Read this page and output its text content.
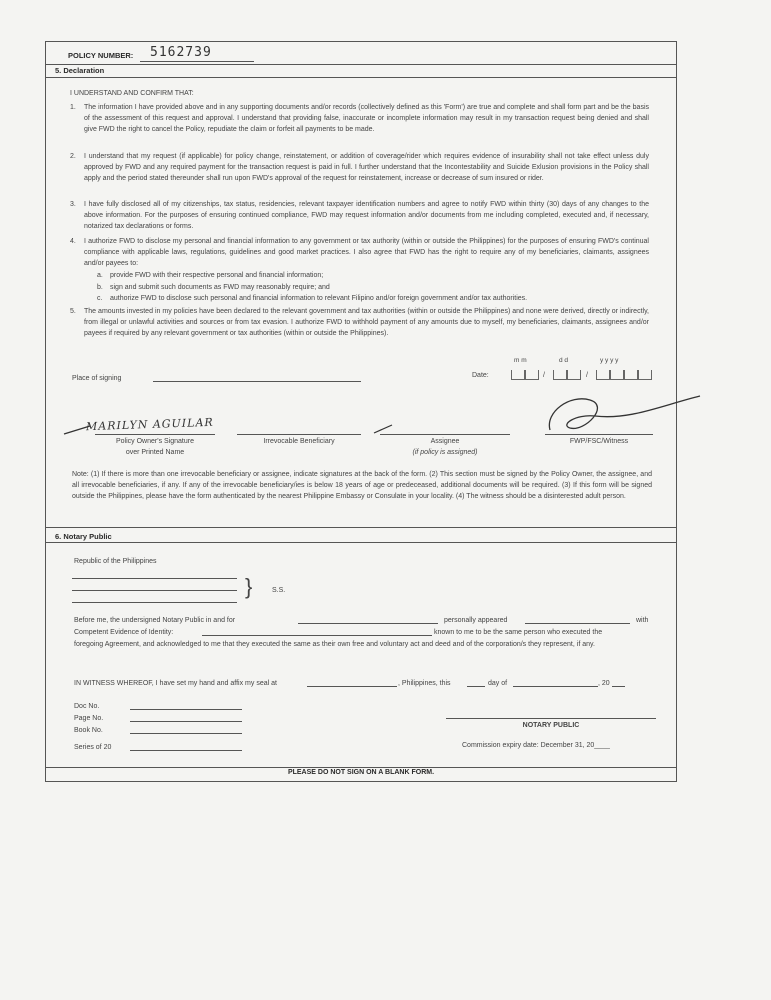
POLICY NUMBER: 5162739
5. Declaration
I UNDERSTAND AND CONFIRM THAT:
1. The information I have provided above and in any supporting documents and/or records (collectively defined as this 'Form') are true and complete and shall form part and be the basis of the assessment of this request and approval. I understand that providing false, inaccurate or incomplete information may result in my transaction request being denied and shall give FWD the right to cancel the Policy, repudiate the claim or forfeit all payments to be made.
2. I understand that my request (if applicable) for policy change, reinstatement, or addition of coverage/rider which requires evidence of insurability shall not take effect unless duly approved by FWD and any required payment for the transaction request is paid in full. I further understand that the Incontestability and Suicide Exlusion provisions in the Policy shall apply and the period stated thereunder shall run upon FWD's approval of the request for reinstatement, increase or decrease of sum insured or rider.
3. I have fully disclosed all of my citizenships, tax status, residencies, relevant taxpayer identification numbers and agree to notify FWD within thirty (30) days of any changes to the above information. For the purposes of ensuring continued compliance, FWD may request information and/or documents from me including completed, executed and, if necessary, notarized tax declarations or forms.
4. I authorize FWD to disclose my personal and financial information to any government or tax authority (within or outside the Philippines) for the purposes of ensuring FWD's continual compliance with applicable laws, regulations, guidelines and good market practices. I also agree that FWD has the right to require any of my beneficiaries, claimants, assignees and/or payees to:
a. provide FWD with their respective personal and financial information;
b. sign and submit such documents as FWD may reasonably require; and
c. authorize FWD to disclose such personal and financial information to relevant Filipino and/or foreign government and/or tax authorities.
5. The amounts invested in my policies have been declared to the relevant government and tax authorities (within or outside the Philippines) and none were derived, directly or indirectly, from illegal or unlawful activities and sources or from tax evasion. I authorize FWD to withhold payment of any amounts due to myself, my beneficiaries, claimants, assignees and/or payees if required by any relevant government or tax authorities (within or outside the Philippines).
Place of signing	Date:
m m	d d	y y y y
/	/
MARILYN AGUILAR
Policy Owner's Signature
over Printed Name
Irrevocable Beneficiary	Assignee
(if policy is assigned)
FWP/FSC/Witness
Note: (1) If there is more than one irrevocable beneficiary or assignee, indicate signatures at the back of the form. (2) This section must be signed by the Policy Owner, the assignee, and all irrevocable beneficiaries, if any. If any of the irrevocable beneficiary/ies is below 18 years of age or predeceased, additional documents will be required. (3) If this form will be signed outside the Philippines, please have the form authenticated by the nearest Philippine Embassy or Consulate in your locality. (4) The witness should be a disinterested adult person.
6. Notary Public
Republic of the Philippines
}	S.S.
Before me, the undersigned Notary Public in and for	personally appeared	with
Competent Evidence of Identity:	known to me to be the same person who executed the
foregoing Agreement, and acknowledged to me that they executed the same as their own free and voluntary act and deed and of the corporation/s they represent, if any.
IN WITNESS WHEREOF, I have set my hand and affix my seal at	, Philippines, this	day of	, 20
Doc No.
Page No.
Book No.
Series of 20
NOTARY PUBLIC
Commission expiry date: December 31, 20____
PLEASE DO NOT SIGN ON A BLANK FORM.
